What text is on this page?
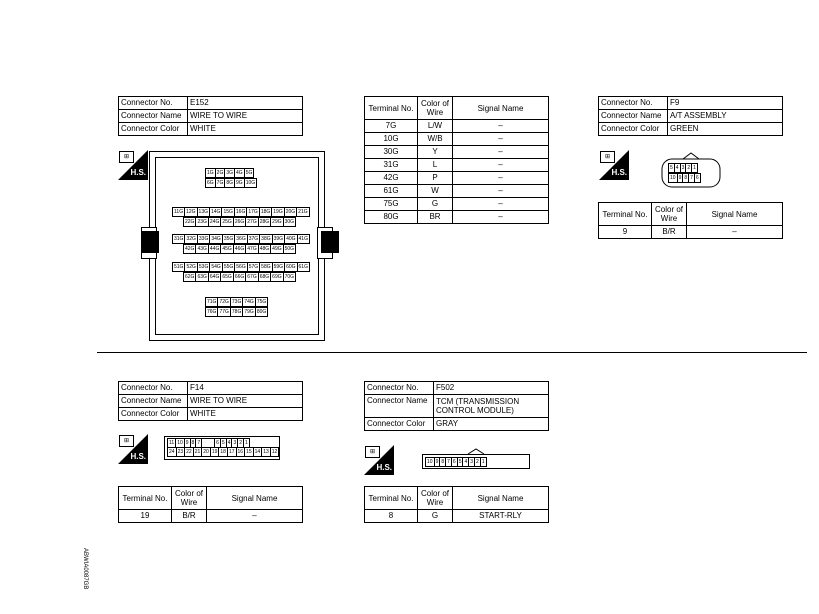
Connector No.	E152
Connector Name	WIRE TO WIRE
Connector Color	WHITE
⊞
H.S.	1G 2G 3G 4G 5G
6G 7G 8G 9G 10G
11G 12G 13G 14G 15G 16G 17G 18G 19G 20G 21G
22G 23G 24G 25G 26G 27G 28G 29G 30G
31G 32G 33G 34G 35G 36G 37G 38G 39G 40G 41G
42G 43G 44G 45G 46G 47G 48G 49G 50G
51G 52G 53G 54G 55G 56G 57G 58G 59G 60G 61G
62G 63G 64G 65G 66G 67G 68G 69G 70G
71G 72G 73G 74G 75G
76G 77G 78G 79G 80G
Terminal No.	Color of Wire	Signal Name
7G	L/W	–
10G	W/B	–
30G	Y	–
31G	L	–
42G	P	–
61G	W	–
75G	G	–
80G	BR	–
Connector No.	F9
Connector Name	A/T ASSEMBLY
Connector Color	GREEN
⊞
H.S.	5 4 3 2 1
10 9 8 7 6
Terminal No.	Color of Wire	Signal Name
9	B/R	–
Connector No.	F14
Connector Name	WIRE TO WIRE
Connector Color	WHITE
⊞
H.S.
11 10 9 8 7	6 5 4 3 2 1
24 23 22 21 20 19 18 17 16 15 14 13 12
Terminal No.	Color of Wire	Signal Name
19	B/R	–
Connector No.	F502
Connector Name	TCM (TRANSMISSION CONTROL MODULE)
Connector Color	GRAY
⊞
H.S.
10 9 8 7 6 5 4 3 2 1
Terminal No.	Color of Wire	Signal Name
8	G	START-RLY
ABWIA0087GB
